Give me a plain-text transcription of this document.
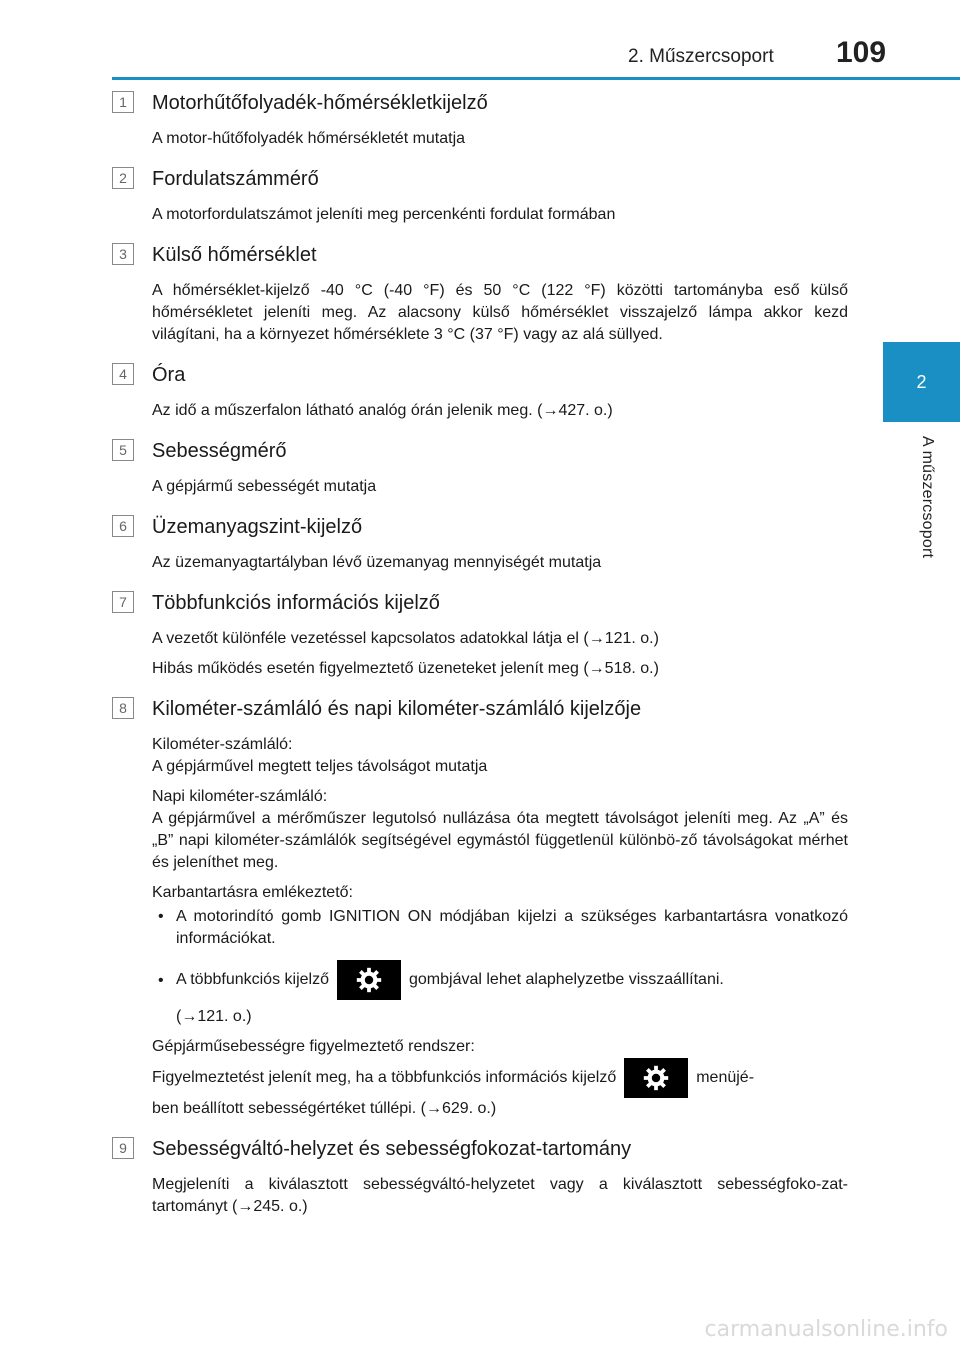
2. Műszercsoport 109
2
A műszercsoport
1	Motorhűtőfolyadék-hőmérsékletkijelző
A motor-hűtőfolyadék hőmérsékletét mutatja
2	Fordulatszámmérő
A motorfordulatszámot jeleníti meg percenkénti fordulat formában
3	Külső hőmérséklet
A hőmérséklet-kijelző -40 °C (-40 °F) és 50 °C (122 °F) közötti tartományba eső külső hőmérsékletet jeleníti meg. Az alacsony külső hőmérséklet visszajelző lámpa akkor kezd világítani, ha a környezet hőmérséklete 3 °C (37 °F) vagy az alá süllyed.
4	Óra
Az idő a műszerfalon látható analóg órán jelenik meg. (→427. o.)
5	Sebességmérő
A gépjármű sebességét mutatja
6	Üzemanyagszint-kijelző
Az üzemanyagtartályban lévő üzemanyag mennyiségét mutatja
7	Többfunkciós információs kijelző

A vezetőt különféle vezetéssel kapcsolatos adatokkal látja el (→121. o.)

Hibás működés esetén figyelmeztető üzeneteket jelenít meg (→518. o.)

8	Kilométer-számláló és napi kilométer-számláló kijelzője
Kilométer-számláló:
A gépjárművel megtett teljes távolságot mutatja
Napi kilométer-számláló:
A gépjárművel a mérőműszer legutolsó nullázása óta megtett távolságot jeleníti meg. Az „A” és „B” napi kilométer-számlálók segítségével egymástól függetlenül különbö-ző távolságokat mérhet és jeleníthet meg.
Karbantartásra emlékeztető:
• A motorindító gomb IGNITION ON módjában kijelzi a szükséges karbantartásra vonatkozó információkat.
• A többfunkciós kijelző	gombjával lehet alaphelyzetbe visszaállítani.
(→121. o.)
Gépjárműsebességre figyelmeztető rendszer:
Figyelmeztetést jelenít meg, ha a többfunkciós információs kijelző	menüjé-
ben beállított sebességértéket túllépi. (→629. o.)
9	Sebességváltó-helyzet és sebességfokozat-tartomány
Megjeleníti a kiválasztott sebességváltó-helyzetet vagy a kiválasztott sebességfoko-zat-tartományt (→245. o.)
carmanualsonline.info
